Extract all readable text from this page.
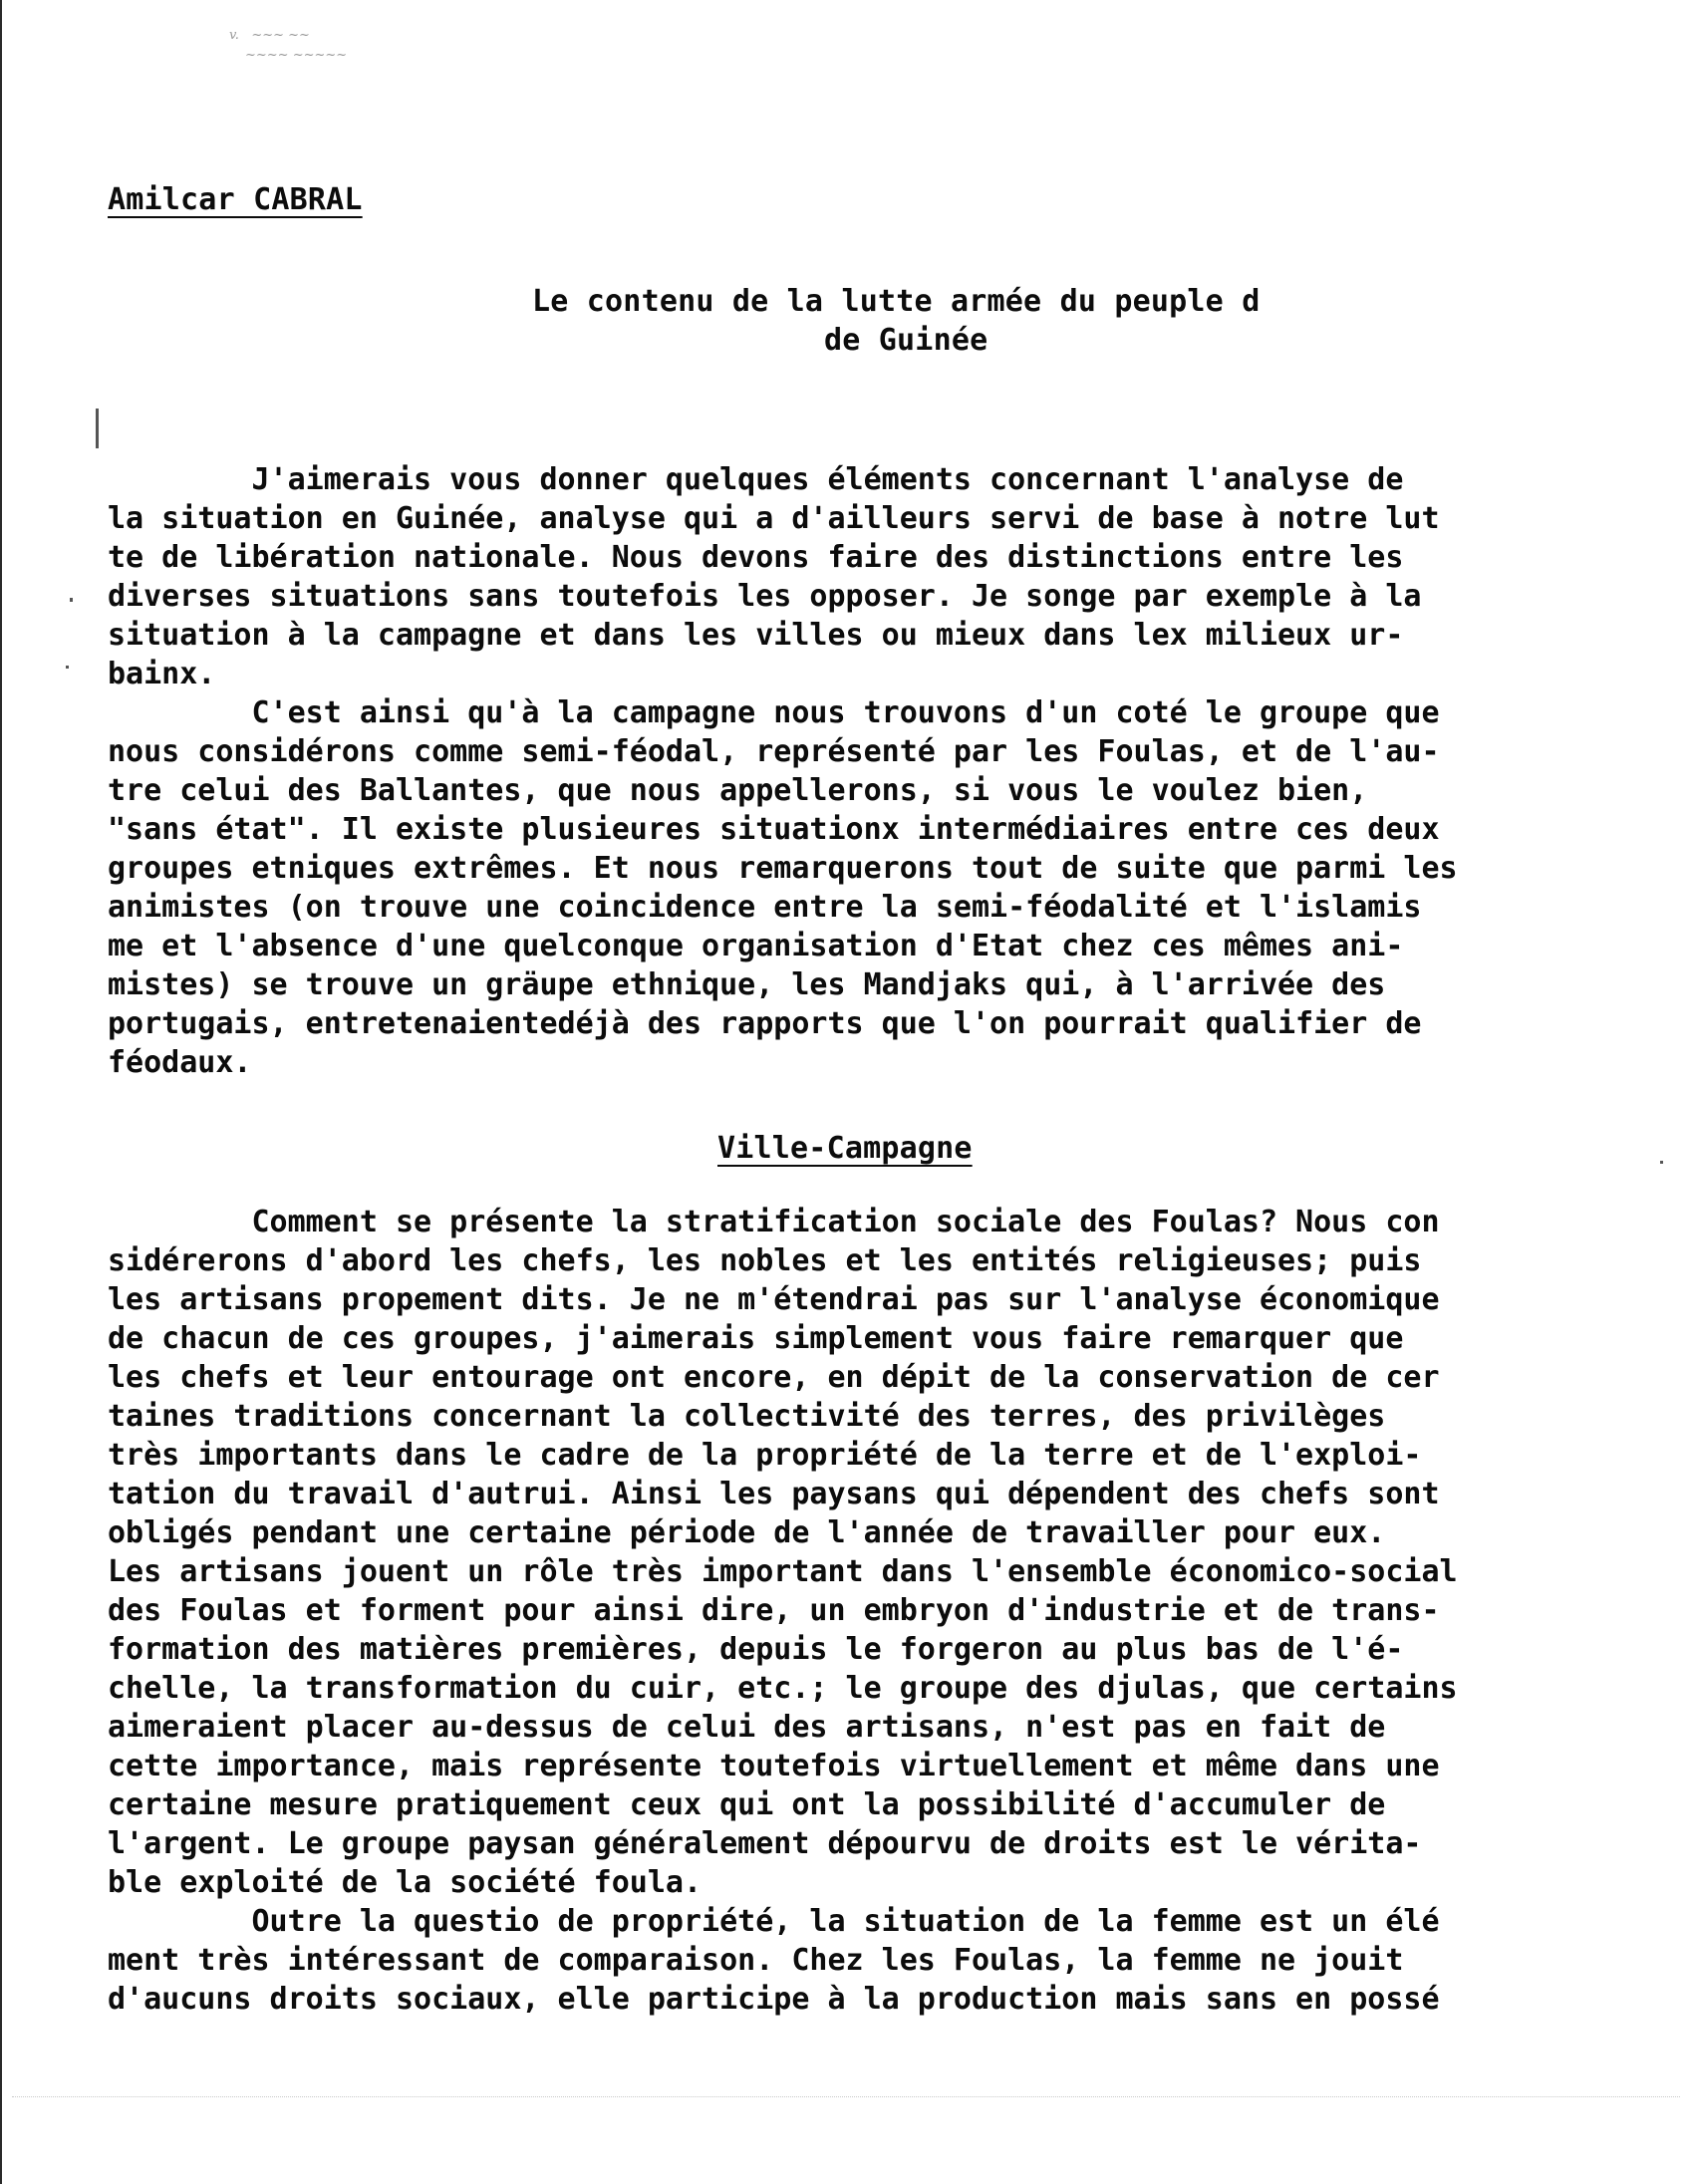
v.   ~~~ ~~
~~~~ ~~~~~
Amilcar CABRAL
Le contenu de la lutte armée du peuple d
de Guinée
J'aimerais vous donner quelques éléments concernant l'analyse de
la situation en Guinée, analyse qui a d'ailleurs servi de base à notre lut
te de libération nationale. Nous devons faire des distinctions entre les
diverses situations sans toutefois les opposer. Je songe par exemple à la
situation à la campagne et dans les villes ou mieux dans lex milieux ur-
bainx.
C'est ainsi qu'à la campagne nous trouvons d'un coté le groupe que
nous considérons comme semi-féodal, représenté par les Foulas, et de l'au-
tre celui des Ballantes, que nous appellerons, si vous le voulez bien,
"sans état". Il existe plusieures situationx intermédiaires entre ces deux
groupes etniques extrêmes. Et nous remarquerons tout de suite que parmi les
animistes (on trouve une coincidence entre la semi-féodalité et l'islamis
me et l'absence d'une quelconque organisation d'Etat chez ces mêmes ani-
mistes) se trouve un gräupe ethnique, les Mandjaks qui, à l'arrivée des
portugais, entretenaientedéjà des rapports que l'on pourrait qualifier de
féodaux.
Ville-Campagne
Comment se présente la stratification sociale des Foulas? Nous con
sidérerons d'abord les chefs, les nobles et les entités religieuses; puis
les artisans propement dits. Je ne m'étendrai pas sur l'analyse économique
de chacun de ces groupes, j'aimerais simplement vous faire remarquer que
les chefs et leur entourage ont encore, en dépit de la conservation de cer
taines traditions concernant la collectivité des terres, des privilèges
très importants dans le cadre de la propriété de la terre et de l'exploi-
tation du travail d'autrui. Ainsi les paysans qui dépendent des chefs sont
obligés pendant une certaine période de l'année de travailler pour eux.
Les artisans jouent un rôle très important dans l'ensemble économico-social
des Foulas et forment pour ainsi dire, un embryon d'industrie et de trans-
formation des matières premières, depuis le forgeron au plus bas de l'é-
chelle, la transformation du cuir, etc.; le groupe des djulas, que certains
aimeraient placer au-dessus de celui des artisans, n'est pas en fait de
cette importance, mais représente toutefois virtuellement et même dans une
certaine mesure pratiquement ceux qui ont la possibilité d'accumuler de
l'argent. Le groupe paysan généralement dépourvu de droits est le vérita-
ble exploité de la société foula.
Outre la questio de propriété, la situation de la femme est un élé
ment très intéressant de comparaison. Chez les Foulas, la femme ne jouit
d'aucuns droits sociaux, elle participe à la production mais sans en possé
